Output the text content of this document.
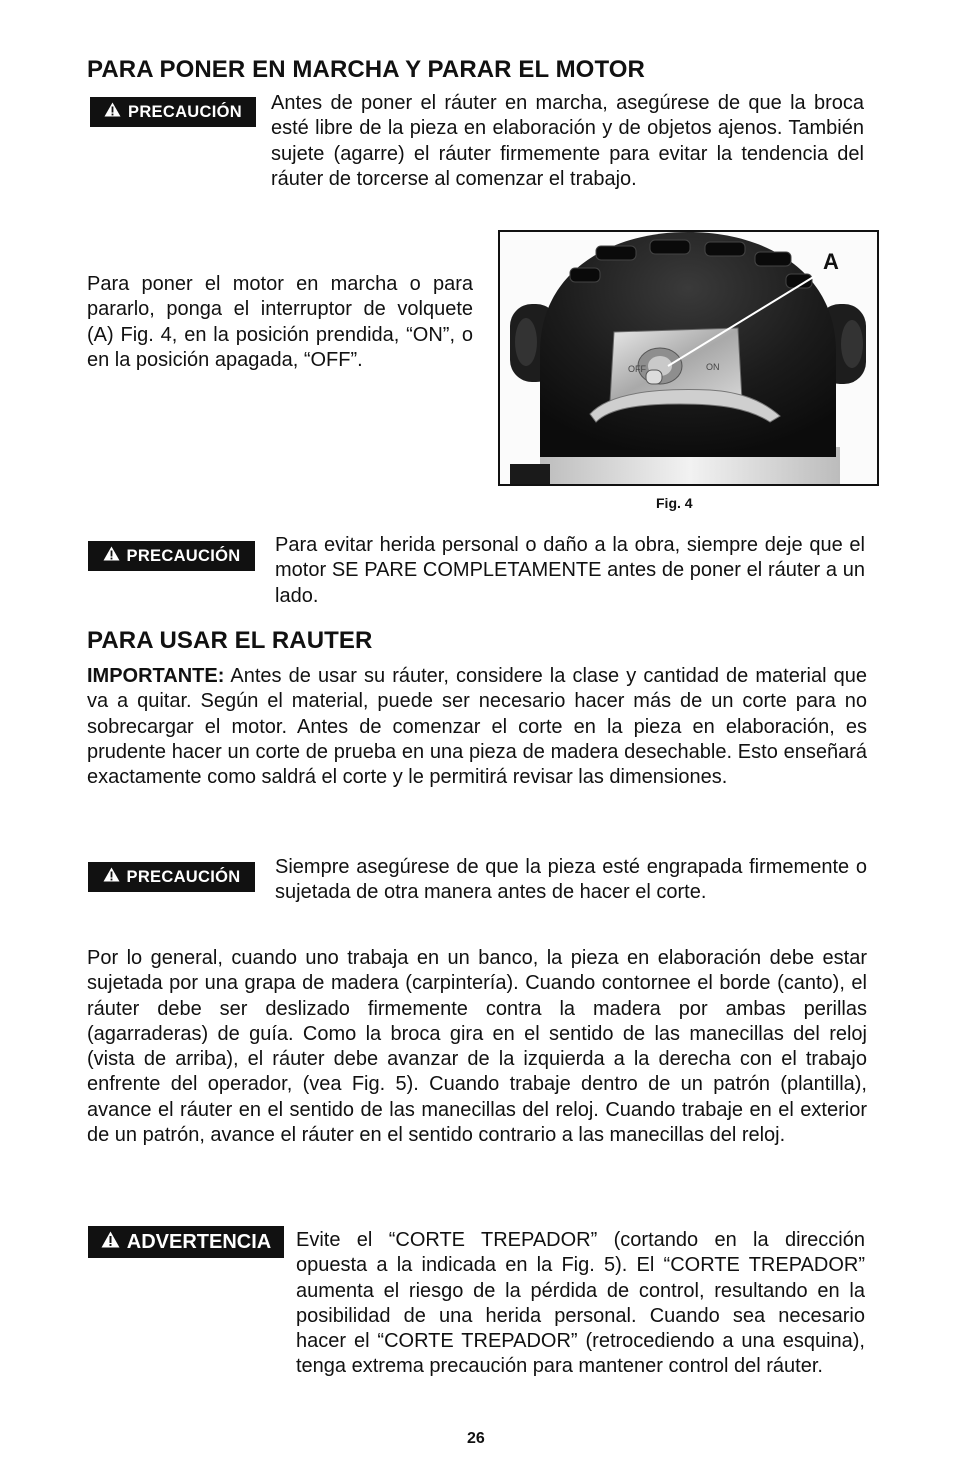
PARA PONER EN MARCHA Y PARAR EL MOTOR
PRECAUCIÓN Antes de poner el ráuter en marcha, asegúrese de que la broca esté libre de la pieza en elaboración y de objetos ajenos. También sujete (agarre) el ráuter firmemente para evitar la tendencia del ráuter de torcerse al comenzar el trabajo.
Para poner el motor en marcha o para pararlo, ponga el interruptor de volquete (A) Fig. 4, en la posición prendida, “ON”, o en la posición apagada, “OFF”.	OFF	ON
A
Fig. 4
PRECAUCIÓN Para evitar herida personal o daño a la obra, siempre deje que el motor SE PARE COMPLETAMENTE antes de poner el ráuter a un lado.
PARA USAR EL RAUTER
IMPORTANTE: Antes de usar su ráuter, considere la clase y cantidad de material que va a quitar. Según el material, puede ser necesario hacer más de un corte para no sobrecargar el motor. Antes de comenzar el corte en la pieza en elaboración, es prudente hacer un corte de prueba en una pieza de madera desechable. Esto enseñará exactamente como saldrá el corte y le permitirá revisar las dimensiones.
PRECAUCIÓN Siempre asegúrese de que la pieza esté engrapada firmemente o sujetada de otra manera antes de hacer el corte.
Por lo general, cuando uno trabaja en un banco, la pieza en elaboración debe estar sujetada por una grapa de madera (carpintería). Cuando contornee el borde (canto), el ráuter debe ser deslizado firmemente contra la madera por ambas perillas (agarraderas) de guía. Como la broca gira en el sentido de las manecillas del reloj (vista de arriba), el ráuter debe avanzar de la izquierda a la derecha con el trabajo enfrente del operador, (vea Fig. 5). Cuando trabaje dentro de un patrón (plantilla), avance el ráuter en el sentido de las manecillas del reloj. Cuando trabaje en el exterior de un patrón, avance el ráuter en el sentido contrario a las manecillas del reloj.
ADVERTENCIA Evite el “CORTE TREPADOR” (cortando en la dirección opuesta a la indicada en la Fig. 5). El “CORTE TREPADOR” aumenta el riesgo de la pérdida de control, resultando en la posibilidad de una herida personal. Cuando sea necesario hacer el “CORTE TREPADOR” (retrocediendo a una esquina), tenga extrema precaución para mantener control del ráuter.
26
